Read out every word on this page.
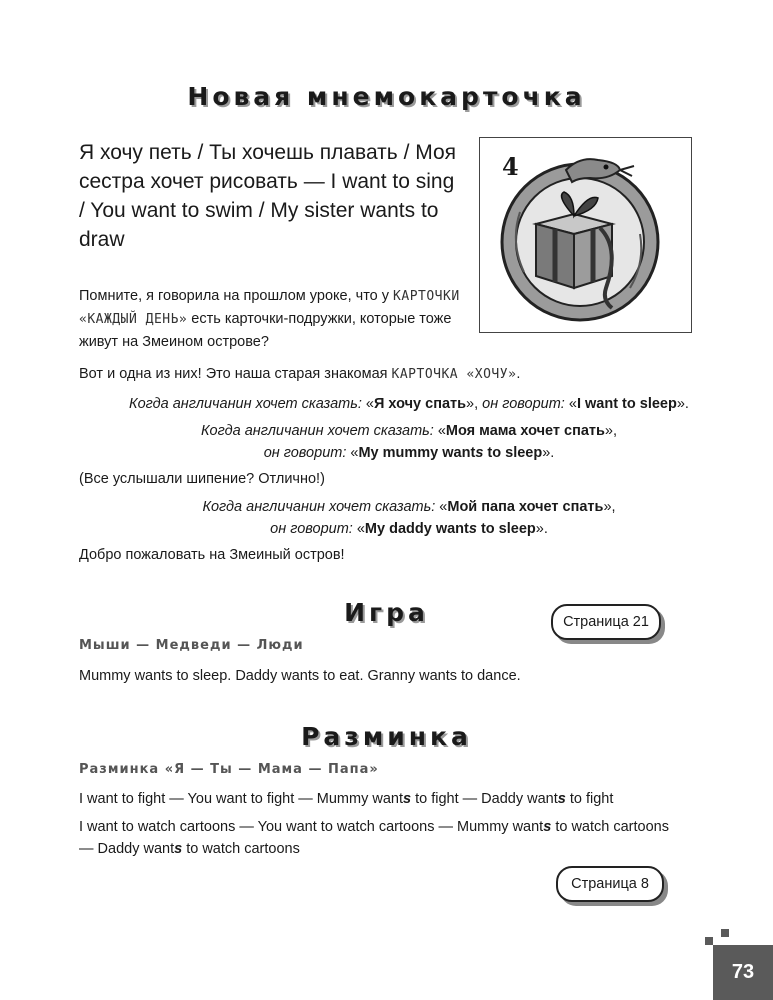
Новая мнемокарточка

Я хочу петь / Ты хочешь плавать / Моя сестра хочет рисовать — I want to sing / You want to swim / My sister wants to draw

4

Помните, я говорила на прошлом уроке, что у КАРТОЧКИ
«КАЖДЫЙ ДЕНЬ» есть карточки-подружки, которые тоже живут на Змеином острове?

Вот и одна из них! Это наша старая знакомая КАРТОЧКА «ХОЧУ».

Когда англичанин хочет сказать: «Я хочу спать», он говорит: «I want to sleep».

Когда англичанин хочет сказать: «Моя мама хочет спать»,
он говорит: «My mummy wants to sleep».

(Все услышали шипение? Отлично!)

Когда англичанин хочет сказать: «Мой папа хочет спать»,
он говорит: «My daddy wants to sleep».

Добро пожаловать на Змеиный остров!

Игра	Страница 21

Мыши — Медведи — Люди

Mummy wants to sleep. Daddy wants to eat. Granny wants to dance.

Разминка

Разминка «Я — Ты — Мама — Папа»

I want to fight — You want to fight — Mummy wants to fight — Daddy wants to fight

I want to watch cartoons — You want to watch cartoons — Mummy wants to watch cartoons — Daddy wants to watch cartoons

Страница 8
73
